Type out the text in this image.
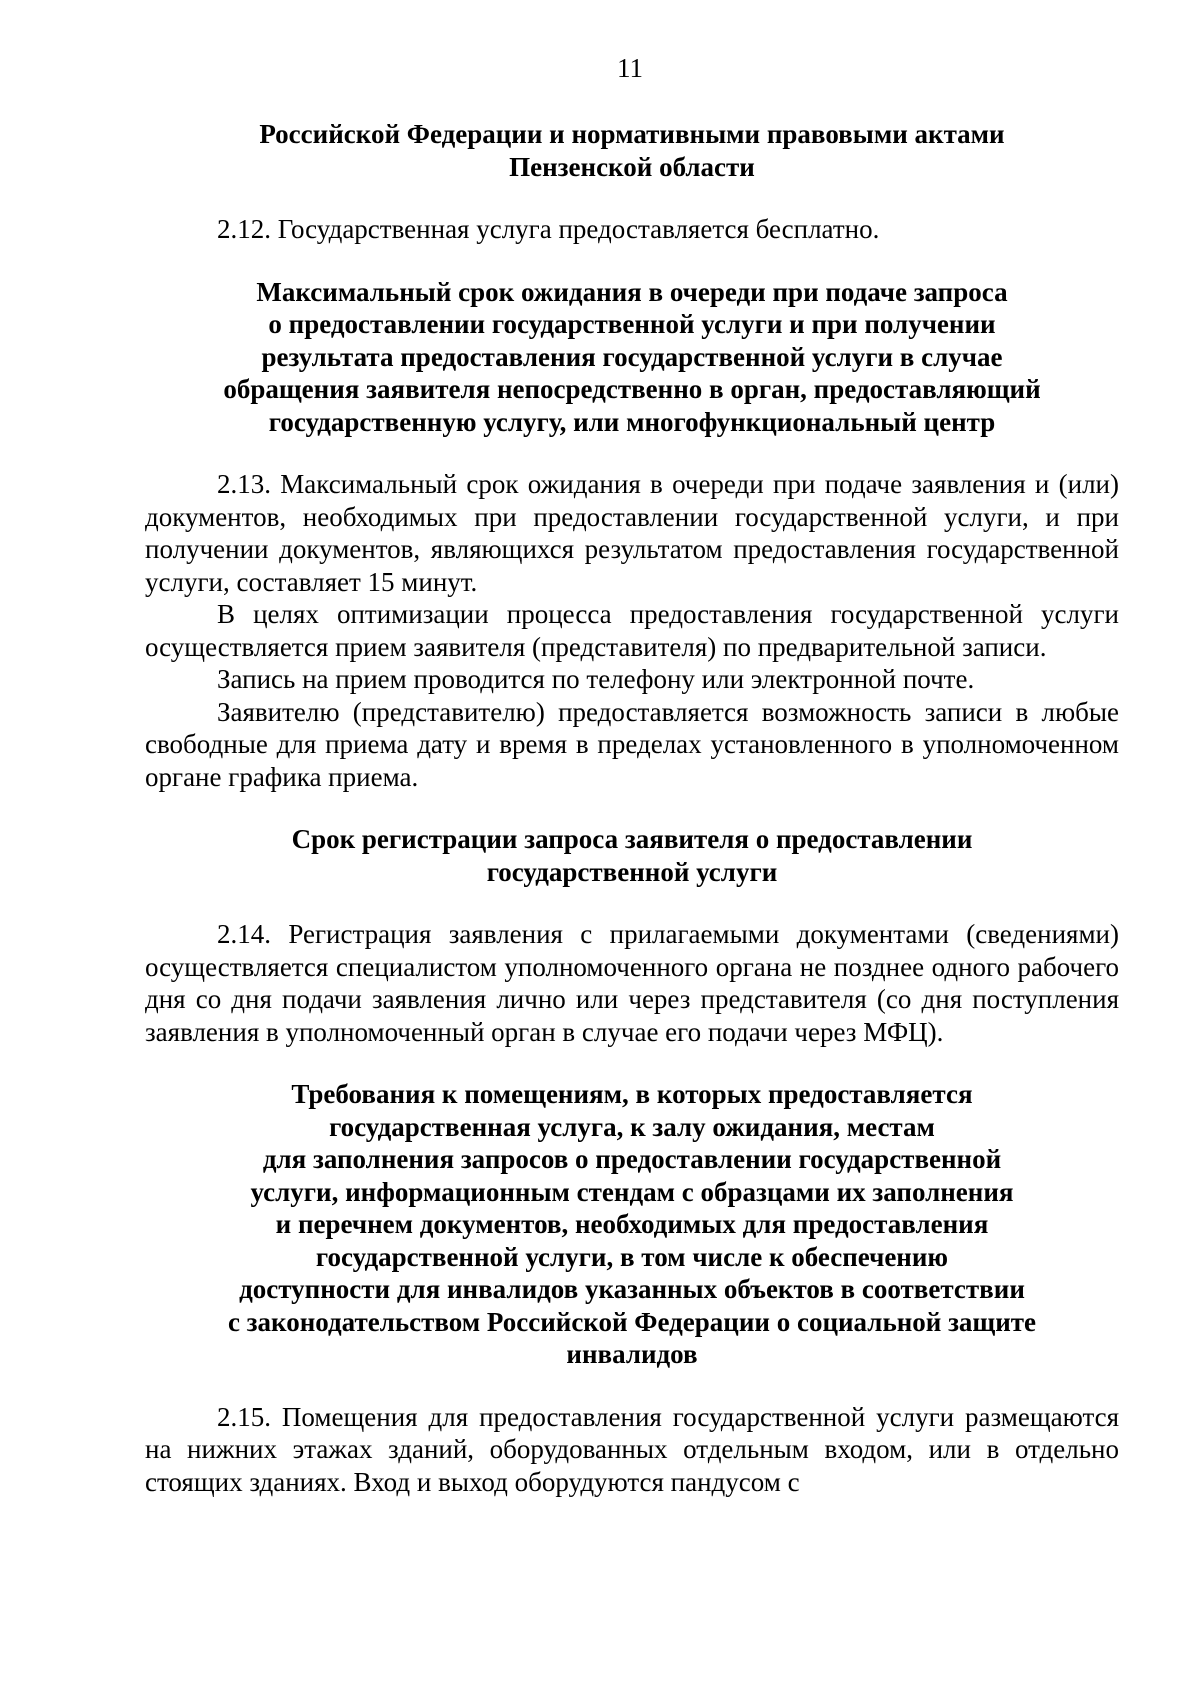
11
Российской Федерации и нормативными правовыми актами
Пензенской области

2.12. Государственная услуга предоставляется бесплатно.

Максимальный срок ожидания в очереди при подаче запроса
о предоставлении государственной услуги и при получении
результата предоставления государственной услуги в случае
обращения заявителя непосредственно в орган, предоставляющий
государственную услугу, или многофункциональный центр

2.13. Максимальный срок ожидания в очереди при подаче заявления и (или) документов, необходимых при предоставлении государственной услуги, и при получении документов, являющихся результатом предоставления государственной услуги, составляет 15 минут.

В целях оптимизации процесса предоставления государственной услуги осуществляется прием заявителя (представителя) по предварительной записи.

Запись на прием проводится по телефону или электронной почте.

Заявителю (представителю) предоставляется возможность записи в любые свободные для приема дату и время в пределах установленного в уполномоченном органе графика приема.

Срок регистрации запроса заявителя о предоставлении
государственной услуги

2.14. Регистрация заявления с прилагаемыми документами (сведениями) осуществляется специалистом уполномоченного органа не позднее одного рабочего дня со дня подачи заявления лично или через представителя (со дня поступления заявления в уполномоченный орган в случае его подачи через МФЦ).

Требования к помещениям, в которых предоставляется
государственная услуга, к залу ожидания, местам
для заполнения запросов о предоставлении государственной
услуги, информационным стендам с образцами их заполнения
и перечнем документов, необходимых для предоставления
государственной услуги, в том числе к обеспечению
доступности для инвалидов указанных объектов в соответствии
с законодательством Российской Федерации о социальной защите
инвалидов

2.15. Помещения для предоставления государственной услуги размещаются на нижних этажах зданий, оборудованных отдельным входом, или в отдельно стоящих зданиях. Вход и выход оборудуются пандусом с
